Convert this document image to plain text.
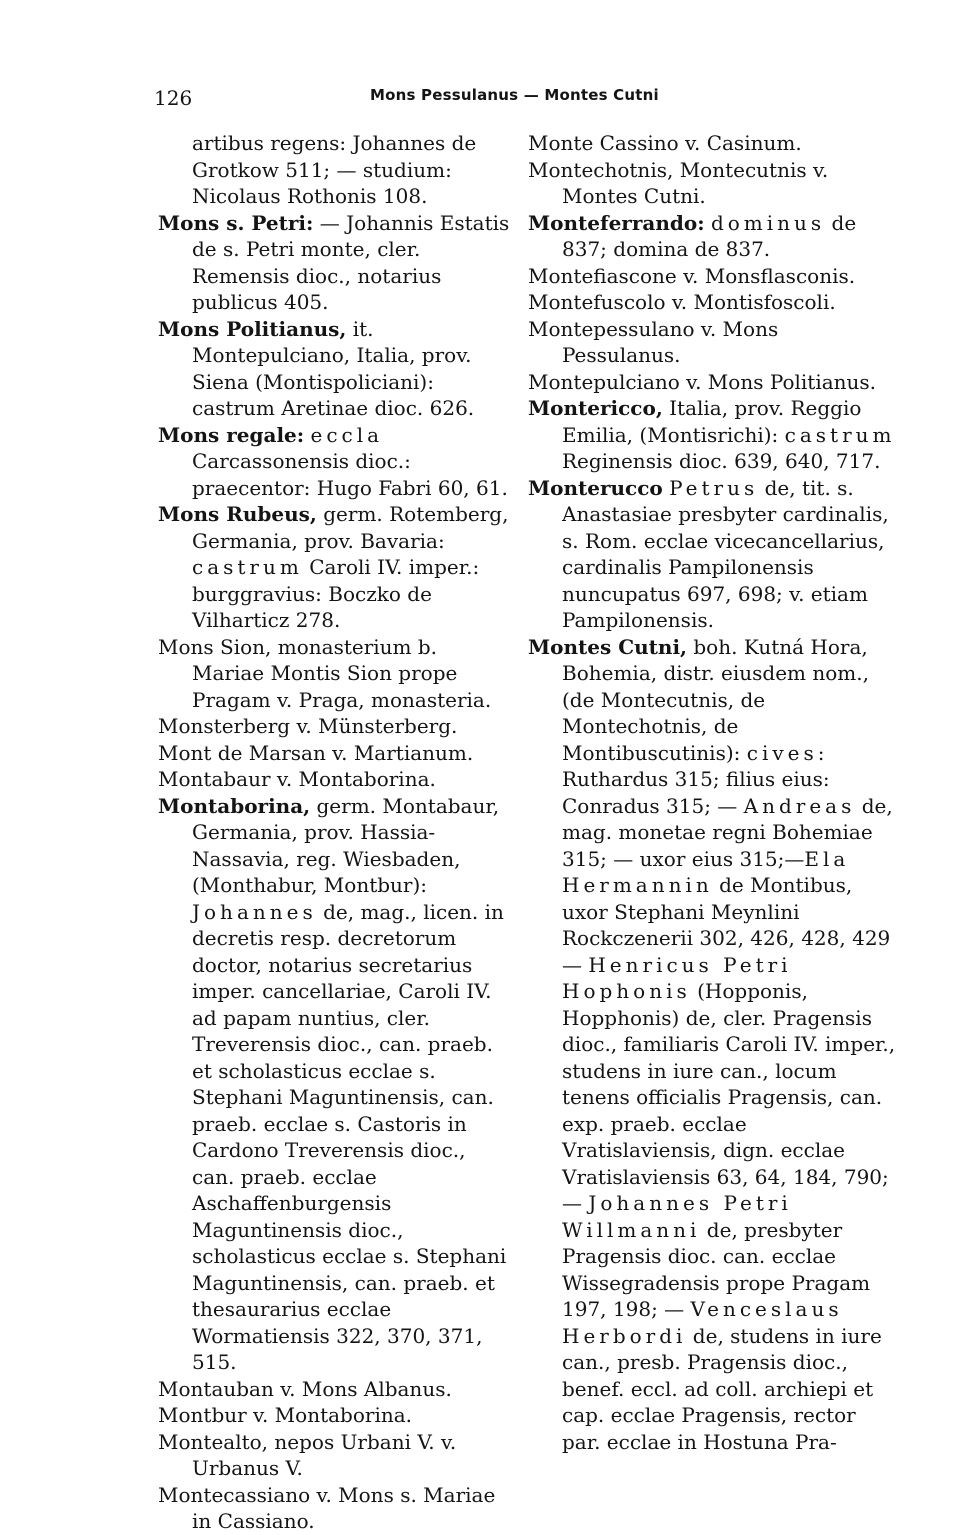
126	Mons Pessulanus — Montes Cutni

artibus regens: Johannes de Grotkow 511; — studium: Nicolaus Rothonis 108.

Mons s. Petri: — Johannis Estatis de s. Petri monte, cler. Remensis dioc., notarius publicus 405.

Mons Politianus, it. Montepulciano, Italia, prov. Siena (Montispoliciani): castrum Aretinae dioc. 626.

Mons regale: eccla Carcassonensis dioc.: praecentor: Hugo Fabri 60, 61.

Mons Rubeus, germ. Rotemberg, Germania, prov. Bavaria: castrum Caroli IV. imper.: burggravius: Boczko de Vilharticz 278.

Mons Sion, monasterium b. Mariae Montis Sion prope Pragam v. Praga, monasteria.

Monsterberg v. Münsterberg.

Mont de Marsan v. Martianum.

Montabaur v. Montaborina.

Montaborina, germ. Montabaur, Germania, prov. Hassia-Nassavia, reg. Wiesbaden, (Monthabur, Montbur): Johannes de, mag., licen. in decretis resp. decretorum doctor, notarius secretarius imper. cancellariae, Caroli IV. ad papam nuntius, cler. Treverensis dioc., can. praeb. et scholasticus ecclae s. Stephani Maguntinensis, can. praeb. ecclae s. Castoris in Cardono Treverensis dioc., can. praeb. ecclae Aschaffenburgensis Maguntinensis dioc., scholasticus ecclae s. Stephani Maguntinensis, can. praeb. et thesaurarius ecclae Wormatiensis 322, 370, 371, 515.

Montauban v. Mons Albanus.

Montbur v. Montaborina.

Montealto, nepos Urbani V. v. Urbanus V.

Montecassiano v. Mons s. Mariae in Cassiano.

Monte Cassino v. Casinum.

Montechotnis, Montecutnis v. Montes Cutni.

Monteferrando: dominus de 837; domina de 837.

Montefiascone v. Monsflasconis.

Montefuscolo v. Montisfoscoli.

Montepessulano v. Mons Pessulanus.

Montepulciano v. Mons Politianus.

Montericco, Italia, prov. Reggio Emilia, (Montisrichi): castrum Reginensis dioc. 639, 640, 717.

Monterucco Petrus de, tit. s. Anastasiae presbyter cardinalis, s. Rom. ecclae vicecancellarius, cardinalis Pampilonensis nuncupatus 697, 698; v. etiam Pampilonensis.

Montes Cutni, boh. Kutná Hora, Bohemia, distr. eiusdem nom., (de Montecutnis, de Montechotnis, de Montibuscutinis): cives: Ruthardus 315; filius eius: Conradus 315; — Andreas de, mag. monetae regni Bohemiae 315; — uxor eius 315;—Ela Hermannin de Montibus, uxor Stephani Meynlini Rockczenerii 302, 426, 428, 429 — Henricus Petri Hophonis (Hopponis, Hopphonis) de, cler. Pragensis dioc., familiaris Caroli IV. imper., studens in iure can., locum tenens officialis Pragensis, can. exp. praeb. ecclae Vratislaviensis, dign. ecclae Vratislaviensis 63, 64, 184, 790; — Johannes Petri Willmanni de, presbyter Pragensis dioc. can. ecclae Wissegradensis prope Pragam 197, 198; — Venceslaus Herbordi de, studens in iure can., presb. Pragensis dioc., benef. eccl. ad coll. archiepi et cap. ecclae Pragensis, rector par. ecclae in Hostuna Pra-
